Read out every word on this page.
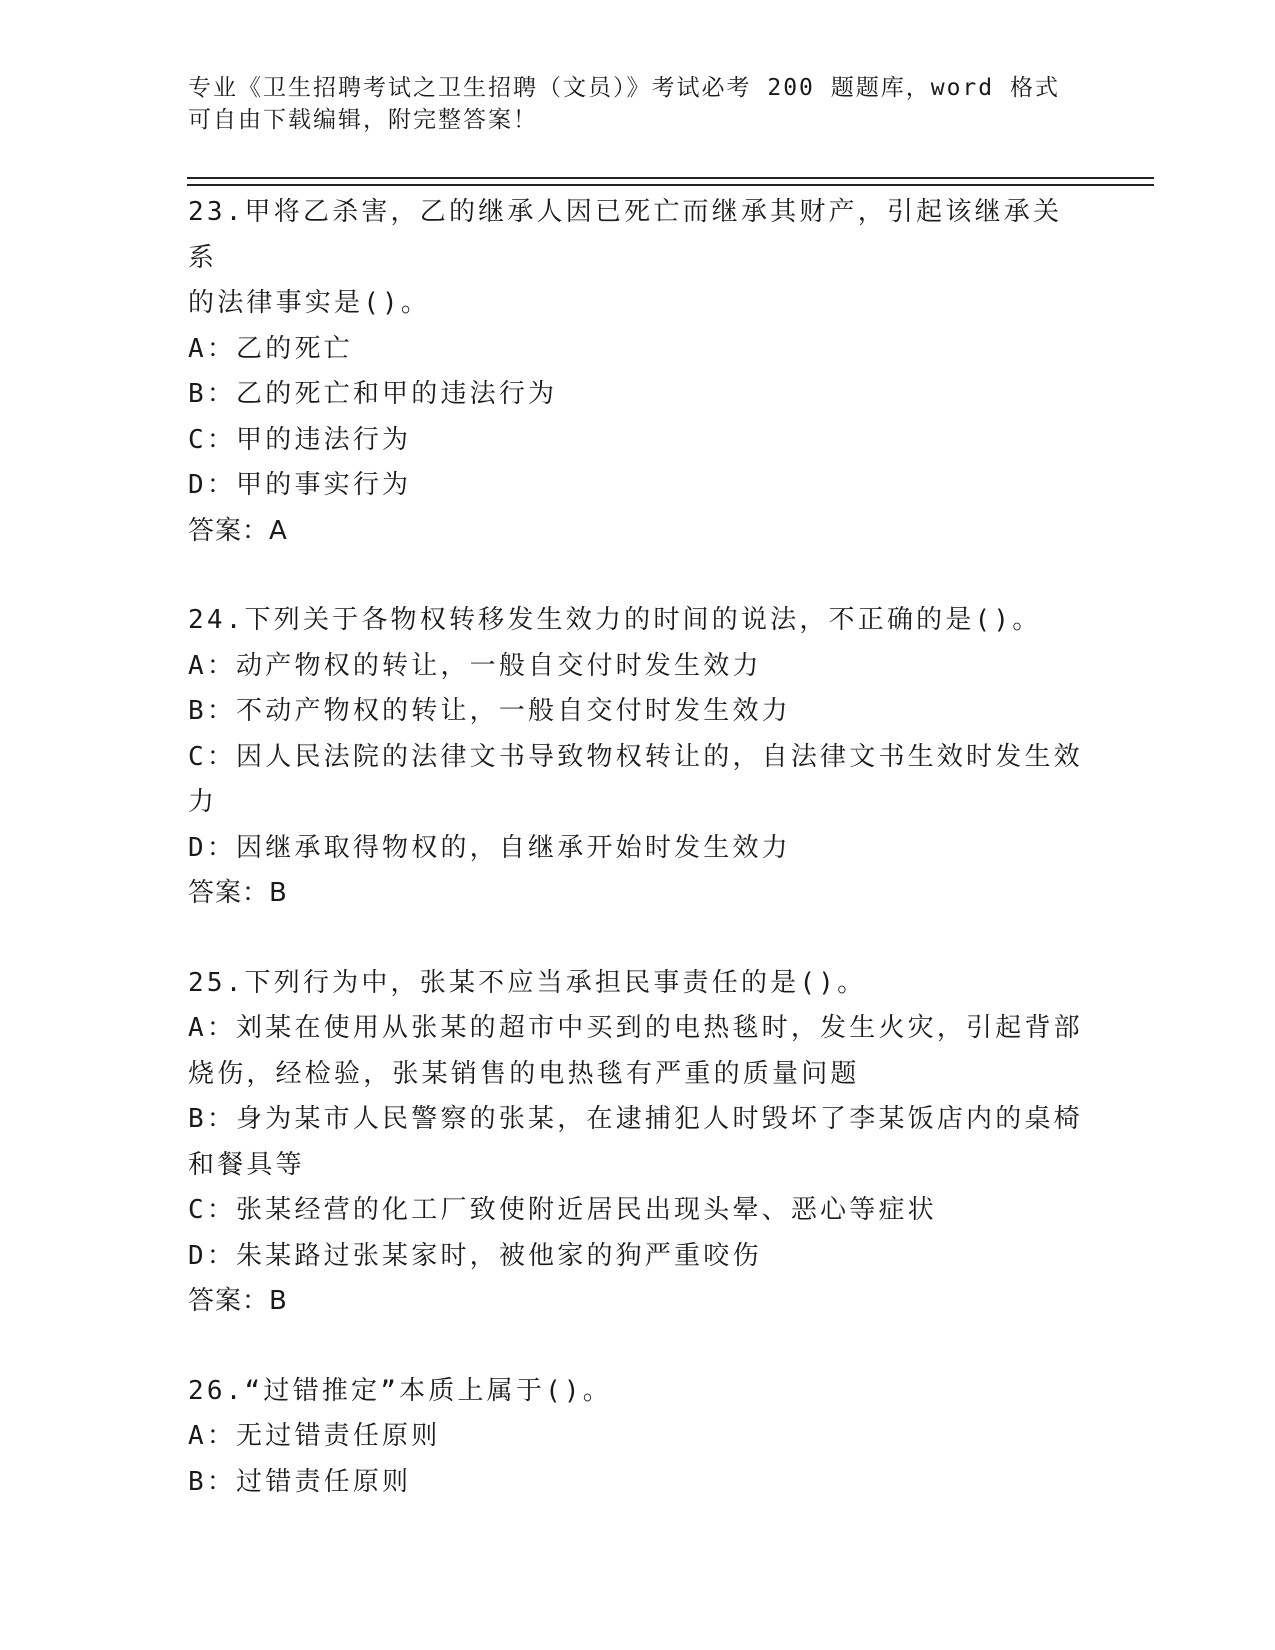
专业《卫生招聘考试之卫生招聘（文员）》考试必考 200 题题库，word 格式可自由下载编辑，附完整答案！
23.甲将乙杀害，乙的继承人因已死亡而继承其财产，引起该继承关系
的法律事实是()。
A：乙的死亡
B：乙的死亡和甲的违法行为
C：甲的违法行为
D：甲的事实行为
答案：A
24.下列关于各物权转移发生效力的时间的说法，不正确的是()。
A：动产物权的转让，一般自交付时发生效力
B：不动产物权的转让，一般自交付时发生效力
C：因人民法院的法律文书导致物权转让的，自法律文书生效时发生效
力
D：因继承取得物权的，自继承开始时发生效力
答案：B
25.下列行为中，张某不应当承担民事责任的是()。
A：刘某在使用从张某的超市中买到的电热毯时，发生火灾，引起背部
烧伤，经检验，张某销售的电热毯有严重的质量问题
B：身为某市人民警察的张某，在逮捕犯人时毁坏了李某饭店内的桌椅
和餐具等
C：张某经营的化工厂致使附近居民出现头晕、恶心等症状
D：朱某路过张某家时，被他家的狗严重咬伤
答案：B
26.“过错推定”本质上属于()。
A：无过错责任原则
B：过错责任原则
